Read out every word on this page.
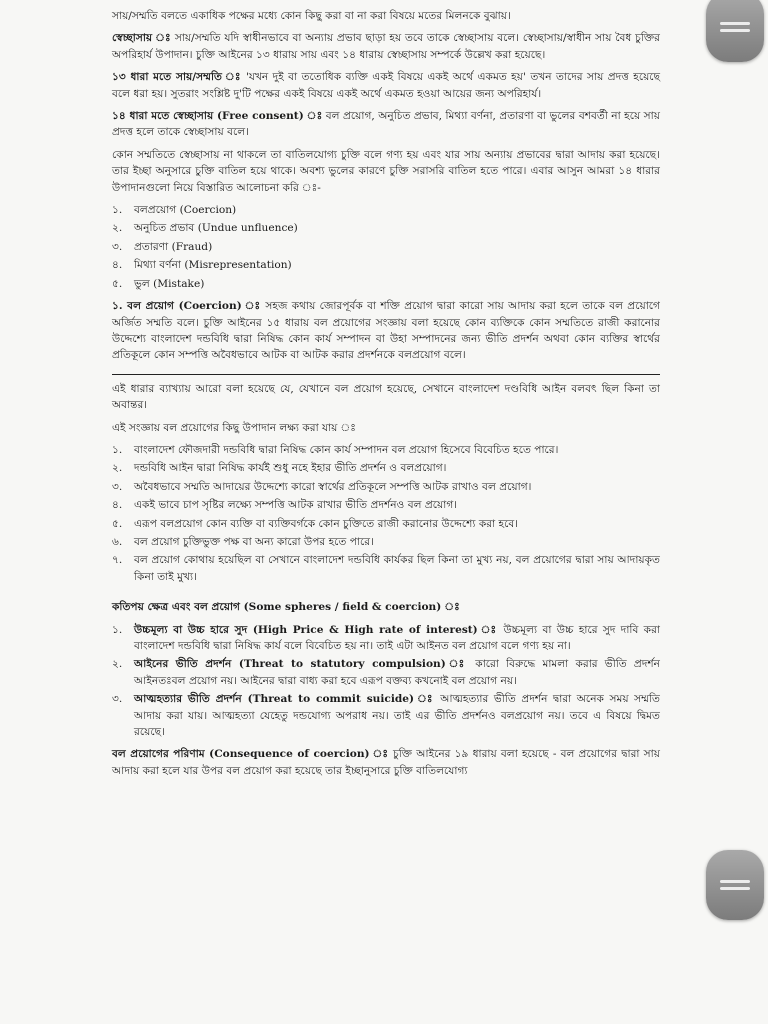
সায়/সম্মতি বলতে একাধিক পক্ষের মধ্যে কোন কিছু করা বা না করা বিষয়ে মতের মিলনকে বুঝায়।

স্বেচ্ছাসায় ঃ সায়/সম্মতি যদি স্বাধীনভাবে বা অন্যায় প্রভাব ছাড়া হয় তবে তাকে স্বেচ্ছাসায় বলে। স্বেচ্ছাসায়/স্বাধীন সায় বৈধ চুক্তির অপরিহার্য উপাদান। চুক্তি আইনের ১৩ ধারায় সায় এবং ১৪ ধারায় স্বেচ্ছাসায় সম্পর্কে উল্লেখ করা হয়েছে।

১৩ ধারা মতে সায়/সম্মতি ঃ 'যখন দুই বা ততোধিক ব্যক্তি একই বিষয়ে একই অর্থে একমত হয়' তখন তাদের সায় প্রদত্ত হয়েছে বলে ধরা হয়। সুতরাং সংশ্লিষ্ট দু'টি পক্ষের একই বিষয়ে একই অর্থে একমত হওয়া আয়ের জন্য অপরিহার্য।

১৪ ধারা মতে স্বেচ্ছাসায় (Free consent) ঃ বল প্রয়োগ, অনুচিত প্রভাব, মিথ্যা বর্ণনা, প্রতারণা বা ভুলের বশবর্তী না হয়ে সায় প্রদত্ত হলে তাকে স্বেচ্ছাসায় বলে।

কোন সম্মতিতে স্বেচ্ছাসায় না থাকলে তা বাতিলযোগ্য চুক্তি বলে গণ্য হয় এবং যার সায় অন্যায় প্রভাবের দ্বারা আদায় করা হয়েছে। তার ইচ্ছা অনুসারে চুক্তি বাতিল হয়ে থাকে। অবশ্য ভুলের কারণে চুক্তি সরাসরি বাতিল হতে পারে। এবার আসুন আমরা ১৪ ধারার উপাদানগুলো নিয়ে বিস্তারিত আলোচনা করি ঃ-

১.	বলপ্রয়োগ (Coercion)
২.	অনুচিত প্রভাব (Undue unfluence)
৩.	প্রতারণা (Fraud)
৪.	মিথ্যা বর্ণনা (Misrepresentation)
৫.	ভুল (Mistake)

১. বল প্রয়োগ (Coercion) ঃ সহজ কথায় জোরপূর্বক বা শক্তি প্রয়োগ দ্বারা কারো সায় আদায় করা হলে তাকে বল প্রয়োগে অর্জিত সম্মতি বলে। চুক্তি আইনের ১৫ ধারায় বল প্রয়োগের সংজ্ঞায় বলা হয়েছে কোন ব্যক্তিকে কোন সম্মতিতে রাজী করানোর উদ্দেশ্যে বাংলাদেশ দন্ডবিধি দ্বারা নিষিদ্ধ কোন কার্য সম্পাদন বা উহা সম্পাদনের জন্য ভীতি প্রদর্শন অথবা কোন ব্যক্তির স্বার্থের প্রতিকূলে কোন সম্পত্তি অবৈধভাবে আটক বা আটক করার প্রদর্শনকে বলপ্রয়োগ বলে।

এই ধারার ব্যাখ্যায় আরো বলা হয়েছে যে, যেখানে বল প্রয়োগ হয়েছে, সেখানে বাংলাদেশ দণ্ডবিধি আইন বলবৎ ছিল কিনা তা অবান্তর।

এই সংজ্ঞায় বল প্রয়োগের কিছু উপাদান লক্ষ্য করা যায় ঃ

১.	বাংলাদেশ ফৌজদারী দন্ডবিধি দ্বারা নিষিদ্ধ কোন কার্য সম্পাদন বল প্রয়োগ হিসেবে বিবেচিত হতে পারে।
২.	দন্ডবিধি আইন দ্বারা নিষিদ্ধ কার্যই শুধু নহে ইহার ভীতি প্রদর্শন ও বলপ্রয়োগ।
৩.	অবৈধভাবে সম্মতি আদায়ের উদ্দেশ্যে কারো স্বার্থের প্রতিকূলে সম্পত্তি আটক রাখাও বল প্রয়োগ।
৪.	একই ভাবে চাপ সৃষ্টির লক্ষ্যে সম্পত্তি আটক রাখার ভীতি প্রদর্শনও বল প্রয়োগ।
৫.	এরূপ বলপ্রয়োগ কোন ব্যক্তি বা ব্যক্তিবর্গকে কোন চুক্তিতে রাজী করানোর উদ্দেশ্যে করা হবে।
৬.	বল প্রয়োগ চুক্তিভুক্ত পক্ষ বা অন্য কারো উপর হতে পারে।
৭.	বল প্রয়োগ কোথায় হয়েছিল বা সেখানে বাংলাদেশ দন্ডবিধি কার্যকর ছিল কিনা তা মুখ্য নয়, বল প্রয়োগের দ্বারা সায় আদায়কৃত কিনা তাই মুখ্য।

কতিপয় ক্ষেত্র এবং বল প্রয়োগ (Some spheres / field & coercion) ঃ

১.	উচ্চমূল্য বা উচ্চ হারে সুদ (High Price & High rate of interest) ঃ উচ্চমূল্য বা উচ্চ হারে সুদ দাবি করা বাংলাদেশ দন্ডবিধি দ্বারা নিষিদ্ধ কার্য বলে বিবেচিত হয় না। তাই এটা আইনত বল প্রয়োগ বলে গণ্য হয় না।
২.	আইনের ভীতি প্রদর্শন (Threat to statutory compulsion) ঃ কারো বিরুদ্ধে মামলা করার ভীতি প্রদর্শন আইনতঃবল প্রয়োগ নয়। আইনের দ্বারা বাধ্য করা হবে এরূপ বক্তব্য কখনোই বল প্রয়োগ নয়।
৩.	আত্মহত্যার ভীতি প্রদর্শন (Threat to commit suicide) ঃ আত্মহত্যার ভীতি প্রদর্শন দ্বারা অনেক সময় সম্মতি আদায় করা যায়। আত্মহত্যা যেহেতু দন্ডযোগ্য অপরাধ নয়। তাই এর ভীতি প্রদর্শনও বলপ্রয়োগ নয়। তবে এ বিষয়ে দ্বিমত রয়েছে।

বল প্রয়োগের পরিণাম (Consequence of coercion) ঃ চুক্তি আইনের ১৯ ধারায় বলা হয়েছে - বল প্রয়োগের দ্বারা সায় আদায় করা হলে যার উপর বল প্রয়োগ করা হয়েছে তার ইচ্ছানুসারে চুক্তি বাতিলযোগ্য
